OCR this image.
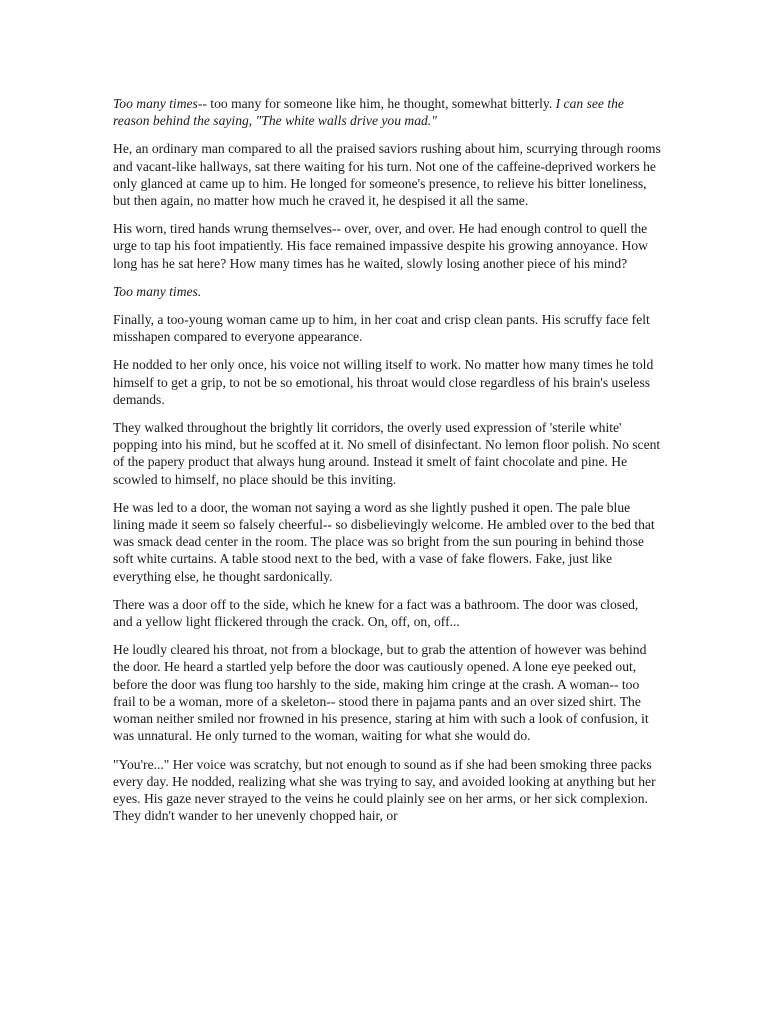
Too many times-- too many for someone like him, he thought, somewhat bitterly. I can see the reason behind the saying, "The white walls drive you mad."

He, an ordinary man compared to all the praised saviors rushing about him, scurrying through rooms and vacant-like hallways, sat there waiting for his turn. Not one of the caffeine-deprived workers he only glanced at came up to him. He longed for someone's presence, to relieve his bitter loneliness, but then again, no matter how much he craved it, he despised it all the same.

His worn, tired hands wrung themselves-- over, over, and over. He had enough control to quell the urge to tap his foot impatiently. His face remained impassive despite his growing annoyance. How long has he sat here? How many times has he waited, slowly losing another piece of his mind?

Too many times.

Finally, a too-young woman came up to him, in her coat and crisp clean pants. His scruffy face felt misshapen compared to everyone appearance.

He nodded to her only once, his voice not willing itself to work. No matter how many times he told himself to get a grip, to not be so emotional, his throat would close regardless of his brain's useless demands.

They walked throughout the brightly lit corridors, the overly used expression of 'sterile white' popping into his mind, but he scoffed at it. No smell of disinfectant. No lemon floor polish. No scent of the papery product that always hung around. Instead it smelt of faint chocolate and pine. He scowled to himself, no place should be this inviting.

He was led to a door, the woman not saying a word as she lightly pushed it open. The pale blue lining made it seem so falsely cheerful-- so disbelievingly welcome. He ambled over to the bed that was smack dead center in the room. The place was so bright from the sun pouring in behind those soft white curtains. A table stood next to the bed, with a vase of fake flowers. Fake, just like everything else, he thought sardonically.

There was a door off to the side, which he knew for a fact was a bathroom. The door was closed, and a yellow light flickered through the crack. On, off, on, off...

He loudly cleared his throat, not from a blockage, but to grab the attention of however was behind the door. He heard a startled yelp before the door was cautiously opened. A lone eye peeked out, before the door was flung too harshly to the side, making him cringe at the crash. A woman-- too frail to be a woman, more of a skeleton-- stood there in pajama pants and an over sized shirt. The woman neither smiled nor frowned in his presence, staring at him with such a look of confusion, it was unnatural. He only turned to the woman, waiting for what she would do.

"You're..." Her voice was scratchy, but not enough to sound as if she had been smoking three packs every day. He nodded, realizing what she was trying to say, and avoided looking at anything but her eyes. His gaze never strayed to the veins he could plainly see on her arms, or her sick complexion. They didn't wander to her unevenly chopped hair, or
